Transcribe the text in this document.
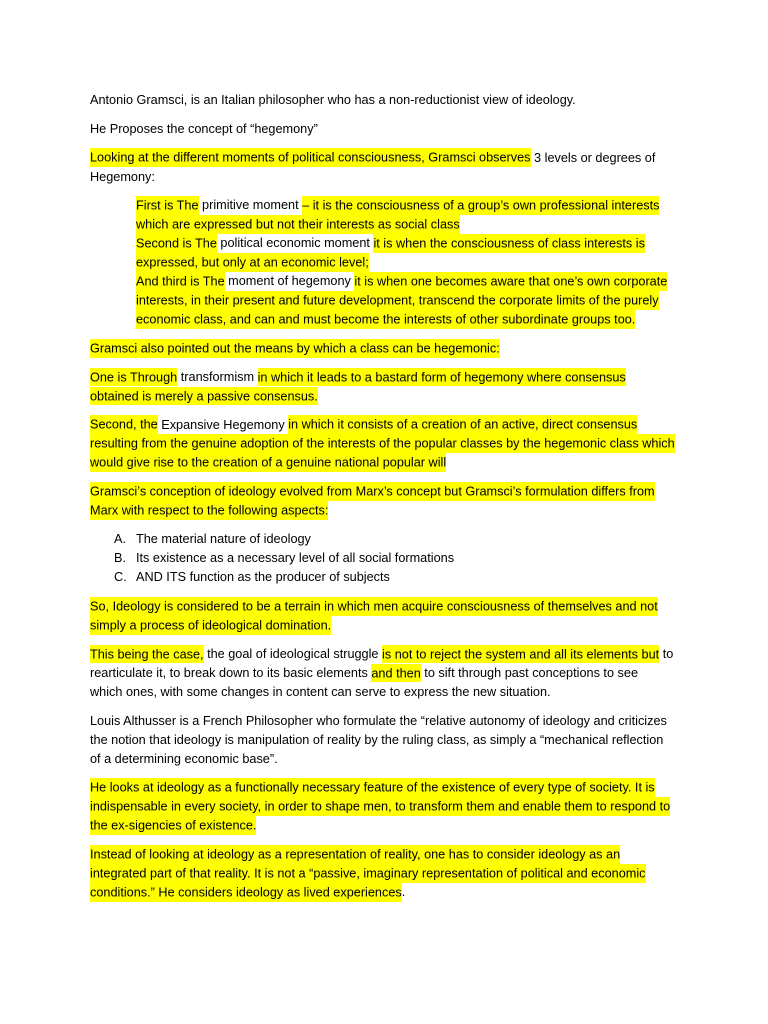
Antonio Gramsci, is an Italian philosopher who has a non-reductionist view of ideology.
He Proposes the concept of “hegemony”
Looking at the different moments of political consciousness, Gramsci observes 3 levels or degrees of
Hegemony:
First is The primitive moment – it is the consciousness of a group’s own professional interests
which are expressed but not their interests as social class
Second is The political economic moment it is when the consciousness of class interests is
expressed, but only at an economic level;
And third is The moment of hegemony it is when one becomes aware that one’s own corporate
interests, in their present and future development, transcend the corporate limits of the purely
economic class, and can and must become the interests of other subordinate groups too.
Gramsci also pointed out the means by which a class can be hegemonic:
One is Through transformism in which it leads to a bastard form of hegemony where consensus
obtained is merely a passive consensus.
Second, the Expansive Hegemony in which it consists of a creation of an active, direct consensus
resulting from the genuine adoption of the interests of the popular classes by the hegemonic class which
would give rise to the creation of a genuine national popular will
Gramsci’s conception of ideology evolved from Marx’s concept but Gramsci’s formulation differs from
Marx with respect to the following aspects:
A. The material nature of ideology
B. Its existence as a necessary level of all social formations
C. AND ITS function as the producer of subjects
So, Ideology is considered to be a terrain in which men acquire consciousness of themselves and not
simply a process of ideological domination.
This being the case, the goal of ideological struggle is not to reject the system and all its elements but to
rearticulate it, to break down to its basic elements and then to sift through past conceptions to see
which ones, with some changes in content can serve to express the new situation.
Louis Althusser is a French Philosopher who formulate the “relative autonomy of ideology and criticizes
the notion that ideology is manipulation of reality by the ruling class, as simply a “mechanical reflection
of a determining economic base”.
He looks at ideology as a functionally necessary feature of the existence of every type of society. It is
indispensable in every society, in order to shape men, to transform them and enable them to respond to
the ex-sigencies of existence.
Instead of looking at ideology as a representation of reality, one has to consider ideology as an
integrated part of that reality. It is not a “passive, imaginary representation of political and economic
conditions.” He considers ideology as lived experiences.
